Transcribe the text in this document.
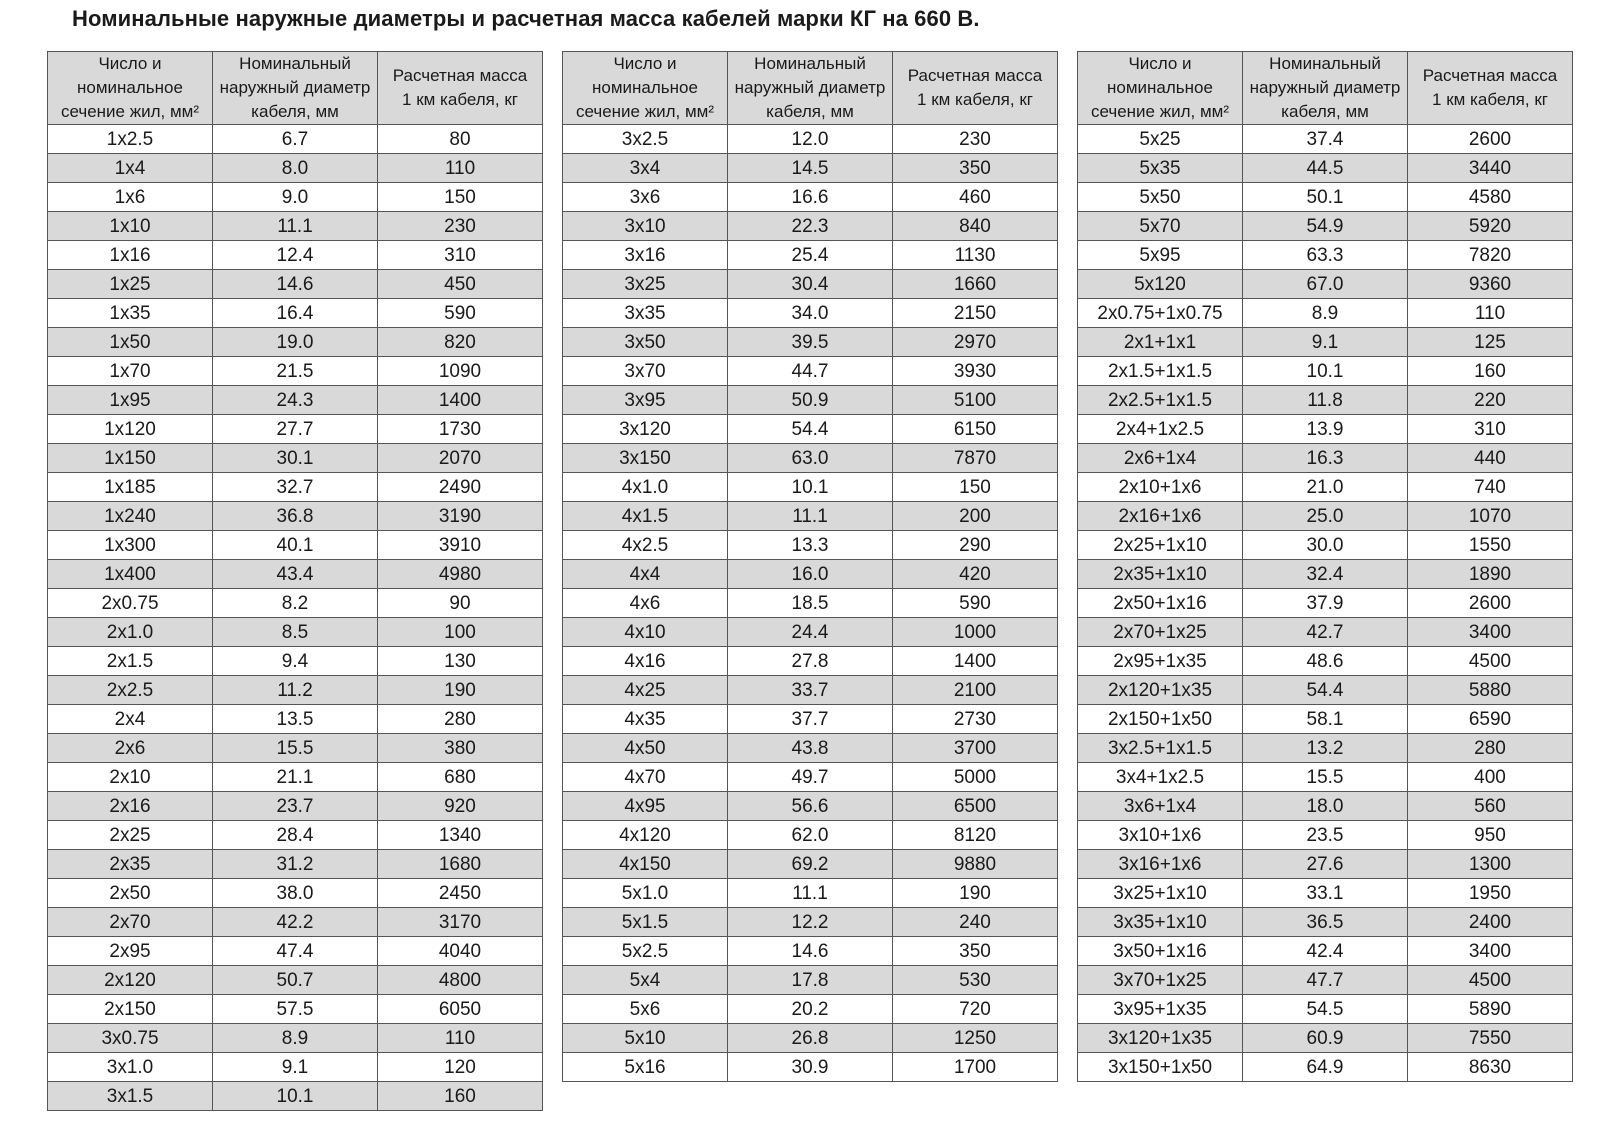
Номинальные наружные диаметры и расчетная масса кабелей марки КГ на 660 В.
Число и
номинальное
сечение жил, мм²	Номинальный
наружный диаметр
кабеля, мм	Расчетная масса
1 км кабеля, кг

1x2.5	6.7	80
1x4	8.0	110
1x6	9.0	150
1x10	11.1	230
1x16	12.4	310
1x25	14.6	450
1x35	16.4	590
1x50	19.0	820
1x70	21.5	1090
1x95	24.3	1400
1x120	27.7	1730
1x150	30.1	2070
1x185	32.7	2490
1x240	36.8	3190
1x300	40.1	3910
1x400	43.4	4980
2x0.75	8.2	90
2x1.0	8.5	100
2x1.5	9.4	130
2x2.5	11.2	190
2x4	13.5	280
2x6	15.5	380
2x10	21.1	680
2x16	23.7	920
2x25	28.4	1340
2x35	31.2	1680
2x50	38.0	2450
2x70	42.2	3170
2x95	47.4	4040
2x120	50.7	4800
2x150	57.5	6050
3x0.75	8.9	110
3x1.0	9.1	120
3x1.5	10.1	160
Число и
номинальное
сечение жил, мм²	Номинальный
наружный диаметр
кабеля, мм	Расчетная масса
1 км кабеля, кг

3x2.5	12.0	230
3x4	14.5	350
3x6	16.6	460
3x10	22.3	840
3x16	25.4	1130
3x25	30.4	1660
3x35	34.0	2150
3x50	39.5	2970
3x70	44.7	3930
3x95	50.9	5100
3x120	54.4	6150
3x150	63.0	7870
4x1.0	10.1	150
4x1.5	11.1	200
4x2.5	13.3	290
4x4	16.0	420
4x6	18.5	590
4x10	24.4	1000
4x16	27.8	1400
4x25	33.7	2100
4x35	37.7	2730
4x50	43.8	3700
4x70	49.7	5000
4x95	56.6	6500
4x120	62.0	8120
4x150	69.2	9880
5x1.0	11.1	190
5x1.5	12.2	240
5x2.5	14.6	350
5x4	17.8	530
5x6	20.2	720
5x10	26.8	1250
5x16	30.9	1700
Число и
номинальное
сечение жил, мм²	Номинальный
наружный диаметр
кабеля, мм	Расчетная масса
1 км кабеля, кг

5x25	37.4	2600
5x35	44.5	3440
5x50	50.1	4580
5x70	54.9	5920
5x95	63.3	7820
5x120	67.0	9360
2x0.75+1x0.75	8.9	110
2x1+1x1	9.1	125
2x1.5+1x1.5	10.1	160
2x2.5+1x1.5	11.8	220
2x4+1x2.5	13.9	310
2x6+1x4	16.3	440
2x10+1x6	21.0	740
2x16+1x6	25.0	1070
2x25+1x10	30.0	1550
2x35+1x10	32.4	1890
2x50+1x16	37.9	2600
2x70+1x25	42.7	3400
2x95+1x35	48.6	4500
2x120+1x35	54.4	5880
2x150+1x50	58.1	6590
3x2.5+1x1.5	13.2	280
3x4+1x2.5	15.5	400
3x6+1x4	18.0	560
3x10+1x6	23.5	950
3x16+1x6	27.6	1300
3x25+1x10	33.1	1950
3x35+1x10	36.5	2400
3x50+1x16	42.4	3400
3x70+1x25	47.7	4500
3x95+1x35	54.5	5890
3x120+1x35	60.9	7550
3x150+1x50	64.9	8630
